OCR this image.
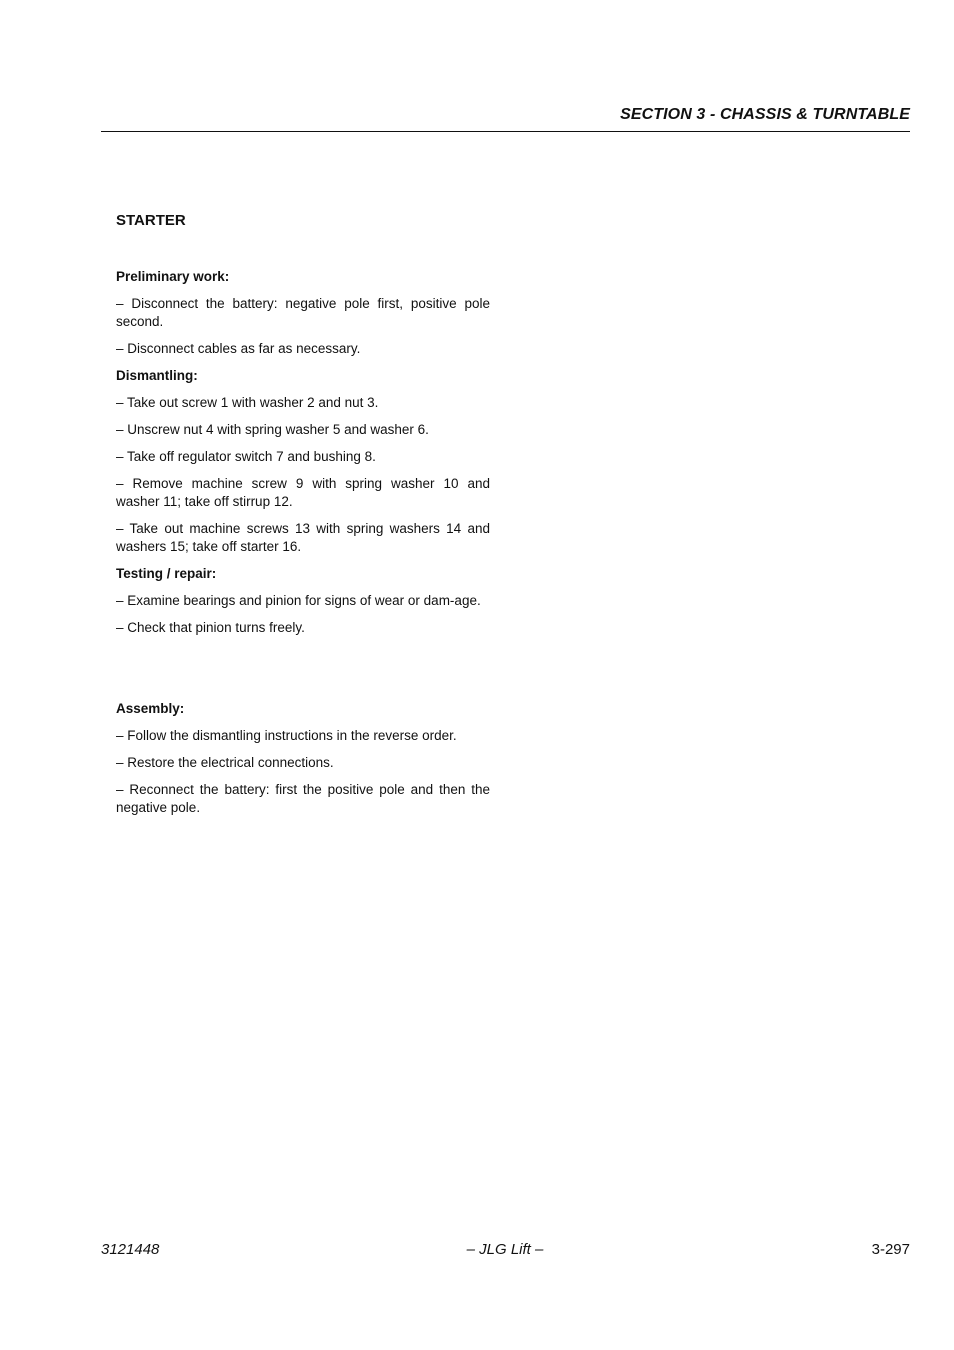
SECTION 3 - CHASSIS & TURNTABLE
STARTER
Preliminary work:
– Disconnect the battery: negative pole first, positive pole second.
– Disconnect cables as far as necessary.
Dismantling:
– Take out screw 1 with washer 2 and nut 3.
– Unscrew nut 4 with spring washer 5 and washer 6.
– Take off regulator switch 7 and bushing 8.
– Remove machine screw 9 with spring washer 10 and washer 11; take off stirrup 12.
– Take out machine screws 13 with spring washers 14 and washers 15; take off starter 16.
Testing / repair:
– Examine bearings and pinion for signs of wear or dam-age.
– Check that pinion turns freely.
Assembly:
– Follow the dismantling instructions in the reverse order.
– Restore the electrical connections.
– Reconnect the battery: first the positive pole and then the negative pole.
3121448	– JLG Lift –	3-297
